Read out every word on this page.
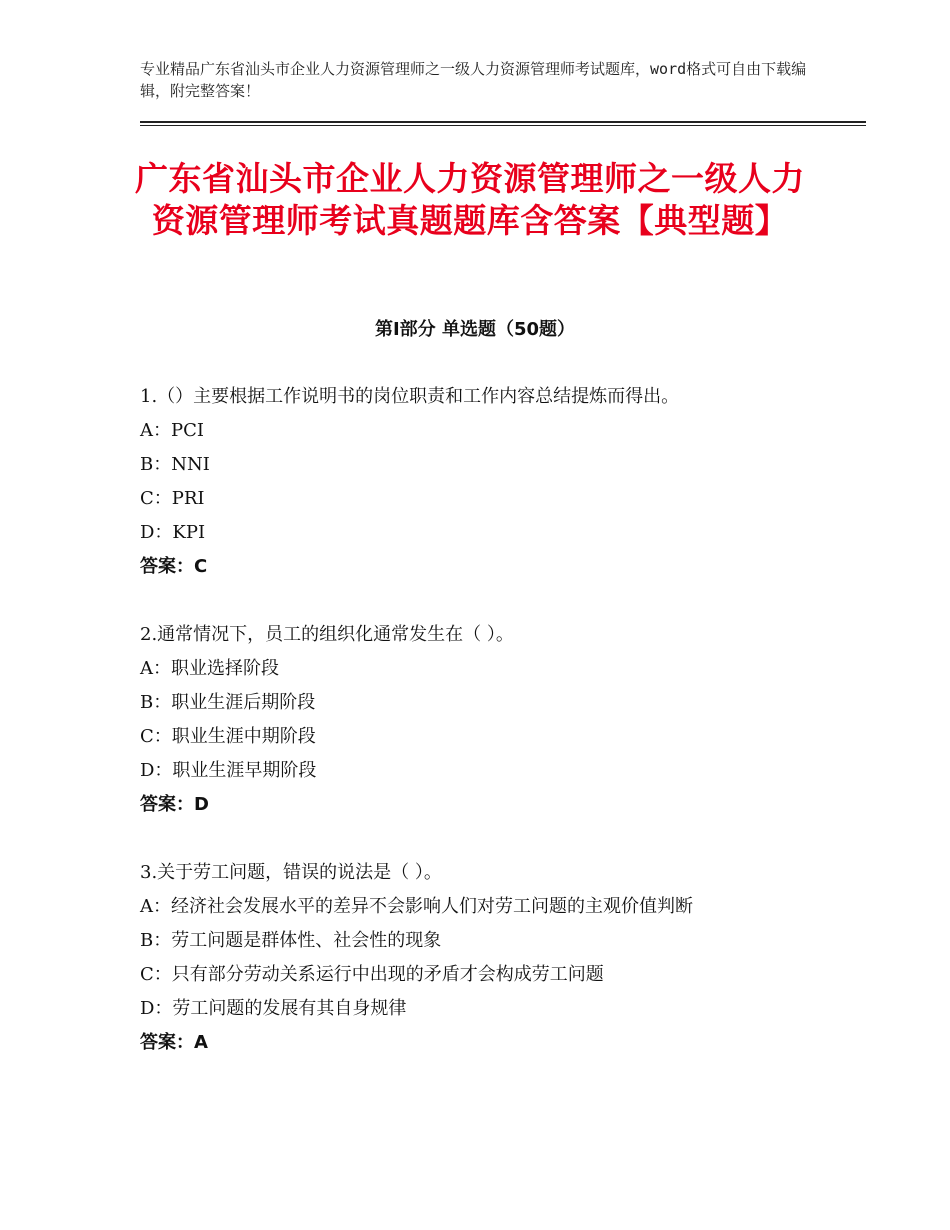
专业精品广东省汕头市企业人力资源管理师之一级人力资源管理师考试题库，word格式可自由下载编辑，附完整答案！
广东省汕头市企业人力资源管理师之一级人力资源管理师考试真题题库含答案【典型题】
第Ⅰ部分 单选题（50题）
1.（）主要根据工作说明书的岗位职责和工作内容总结提炼而得出。
A：PCI
B：NNI
C：PRI
D：KPI
答案：C
2.通常情况下，员工的组织化通常发生在（ ）。
A：职业选择阶段
B：职业生涯后期阶段
C：职业生涯中期阶段
D：职业生涯早期阶段
答案：D
3.关于劳工问题，错误的说法是（ ）。
A：经济社会发展水平的差异不会影响人们对劳工问题的主观价值判断
B：劳工问题是群体性、社会性的现象
C：只有部分劳动关系运行中出现的矛盾才会构成劳工问题
D：劳工问题的发展有其自身规律
答案：A
